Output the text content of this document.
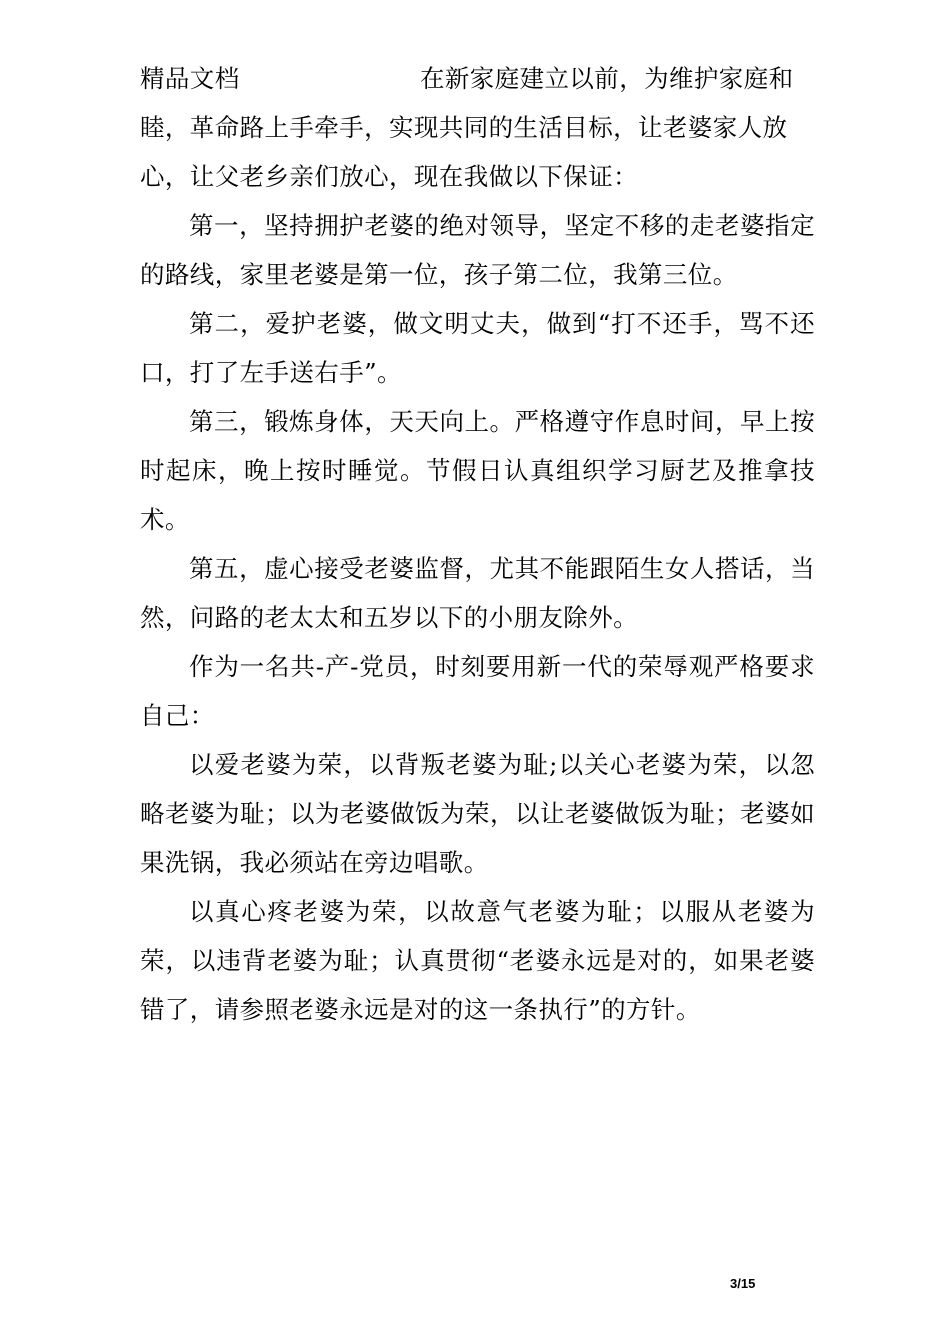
精品文档	在新家庭建立以前，为维护家庭和睦，革命路上手牵手，实现共同的生活目标，让老婆家人放心，让父老乡亲们放心，现在我做以下保证：

第一，坚持拥护老婆的绝对领导，坚定不移的走老婆指定的路线，家里老婆是第一位，孩子第二位，我第三位。

第二，爱护老婆，做文明丈夫，做到“打不还手，骂不还口，打了左手送右手”。

第三，锻炼身体，天天向上。严格遵守作息时间，早上按时起床，晚上按时睡觉。节假日认真组织学习厨艺及推拿技术。

第五，虚心接受老婆监督，尤其不能跟陌生女人搭话，当然，问路的老太太和五岁以下的小朋友除外。

作为一名共-产-党员，时刻要用新一代的荣辱观严格要求自己：

以爱老婆为荣，以背叛老婆为耻;以关心老婆为荣，以忽略老婆为耻；以为老婆做饭为荣，以让老婆做饭为耻；老婆如果洗锅，我必须站在旁边唱歌。

以真心疼老婆为荣，以故意气老婆为耻；以服从老婆为荣，以违背老婆为耻；认真贯彻“老婆永远是对的，如果老婆错了，请参照老婆永远是对的这一条执行”的方针。

3/15
